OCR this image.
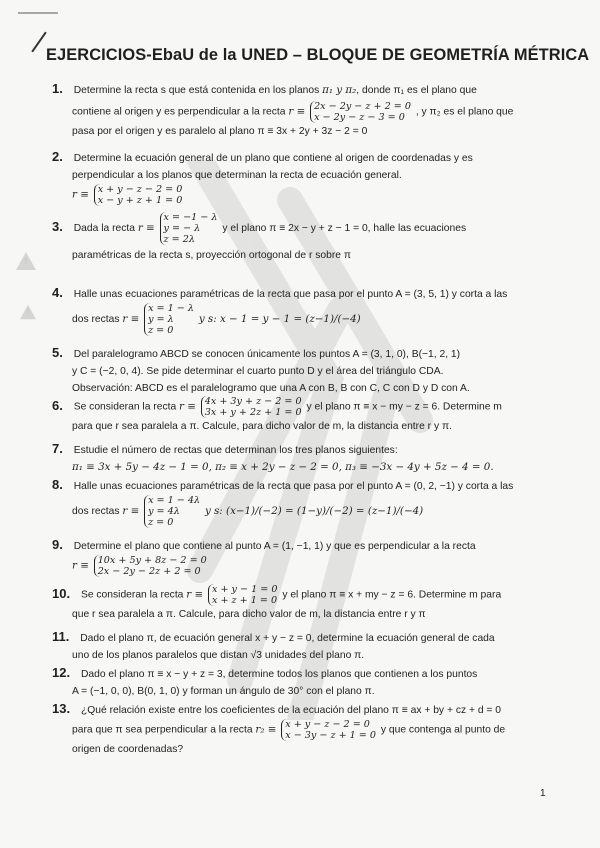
EJERCICIOS-EbaU de la UNED – BLOQUE DE GEOMETRÍA MÉTRICA
1. Determine la recta s que está contenida en los planos π₁ y π₂, donde π₁ es el plano que
contiene al origen y es perpendicular a la recta r ≡ 2x − 2y − z + 2 = 0
x − 2y − z − 3 = 0	, y π₂ es el plano que
pasa por el origen y es paralelo al plano π ≡ 3x + 2y + 3z − 2 = 0
2. Determine la ecuación general de un plano que contiene al origen de coordenadas y es
perpendicular a los planos que determinan la recta de ecuación general.
r ≡ x + y − z − 2 = 0
x − y + z + 1 = 0
3. Dada la recta r ≡
x = −1 − λ
y = − λ
z = 2λ
y el plano π ≡ 2x − y + z − 1 = 0, halle las ecuaciones
paramétricas de la recta s, proyección ortogonal de r sobre π
!
4. Halle unas ecuaciones paramétricas de la recta que pasa por el punto A = (3, 5, 1) y corta a las
dos rectas r ≡
x = 1 − λ
y = λ
z = 0
y s: x − 1 = y − 1 = (z−1)/(−4)
!
5. Del paralelogramo ABCD se conocen únicamente los puntos A = (3, 1, 0), B(−1, 2, 1)
y C = (−2, 0, 4). Se pide determinar el cuarto punto D y el área del triángulo CDA.
Observación: ABCD es el paralelogramo que una A con B, B con C, C con D y D con A.
6. Se consideran la recta r ≡ 4x + 3y + z − 2 = 0
3x + y + 2z + 1 = 0 y el plano π ≡ x − my − z = 6. Determine m
para que r sea paralela a π. Calcule, para dicho valor de m, la distancia entre r y π.
7. Estudie el número de rectas que determinan los tres planos siguientes:
π₁ ≡ 3x + 5y − 4z − 1 = 0, π₂ ≡ x + 2y − z − 2 = 0, π₃ ≡ −3x − 4y + 5z − 4 = 0.
8. Halle unas ecuaciones paramétricas de la recta que pasa por el punto A = (0, 2, −1) y corta a las
dos rectas r ≡
x = 1 − 4λ
y = 4λ
z = 0
y s: (x−1)/(−2) = (1−y)/(−2) = (z−1)/(−4)
9. Determine el plano que contiene al punto A = (1, −1, 1) y que es perpendicular a la recta
r ≡ 10x + 5y + 8z − 2 = 0
2x − 2y − 2z + 2 = 0
10. Se consideran la recta r ≡ x + y − 1 = 0
x + z + 1 = 0 y el plano π ≡ x + my − z = 6. Determine m para
que r sea paralela a π. Calcule, para dicho valor de m, la distancia entre r y π
11. Dado el plano π, de ecuación general x + y − z = 0, determine la ecuación general de cada
uno de los planos paralelos que distan √3 unidades del plano π.
12. Dado el plano π ≡ x − y + z = 3, determine todos los planos que contienen a los puntos
A = (−1, 0, 0), B(0, 1, 0) y forman un ángulo de 30° con el plano π.
13. ¿Qué relación existe entre los coeficientes de la ecuación del plano π ≡ ax + by + cz + d = 0
para que π sea perpendicular a la recta r₂ ≡ x + y − z − 2 = 0
x − 3y − z + 1 = 0 y que contenga al punto de
origen de coordenadas?
1
